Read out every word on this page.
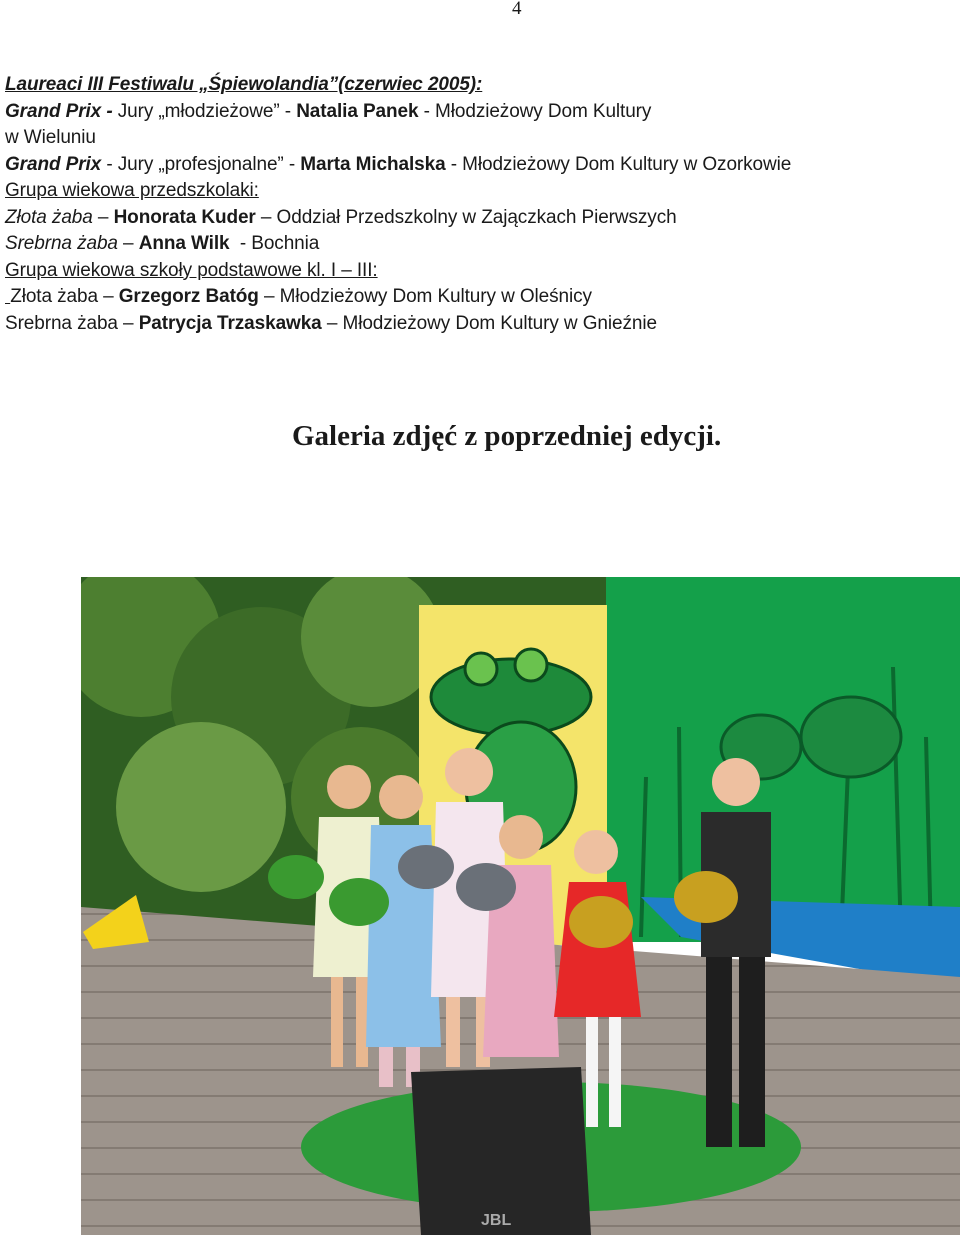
4
Laureaci III Festiwalu „Śpiewolandia”(czerwiec 2005):
Grand Prix - Jury „młodzieżowe” - Natalia Panek - Młodzieżowy Dom Kultury
w Wieluniu
Grand Prix - Jury „profesjonalne” - Marta Michalska - Młodzieżowy Dom Kultury w Ozorkowie
Grupa wiekowa przedszkolaki:
Złota żaba – Honorata Kuder – Oddział Przedszkolny w Zajączkach Pierwszych
Srebrna żaba – Anna Wilk  - Bochnia
Grupa wiekowa szkoły podstawowe kl. I – III:
Złota żaba – Grzegorz Batóg – Młodzieżowy Dom Kultury w Oleśnicy
Srebrna żaba – Patrycja Trzaskawka – Młodzieżowy Dom Kultury w Gnieźnie
Galeria zdjęć z poprzedniej edycji.
JBL
